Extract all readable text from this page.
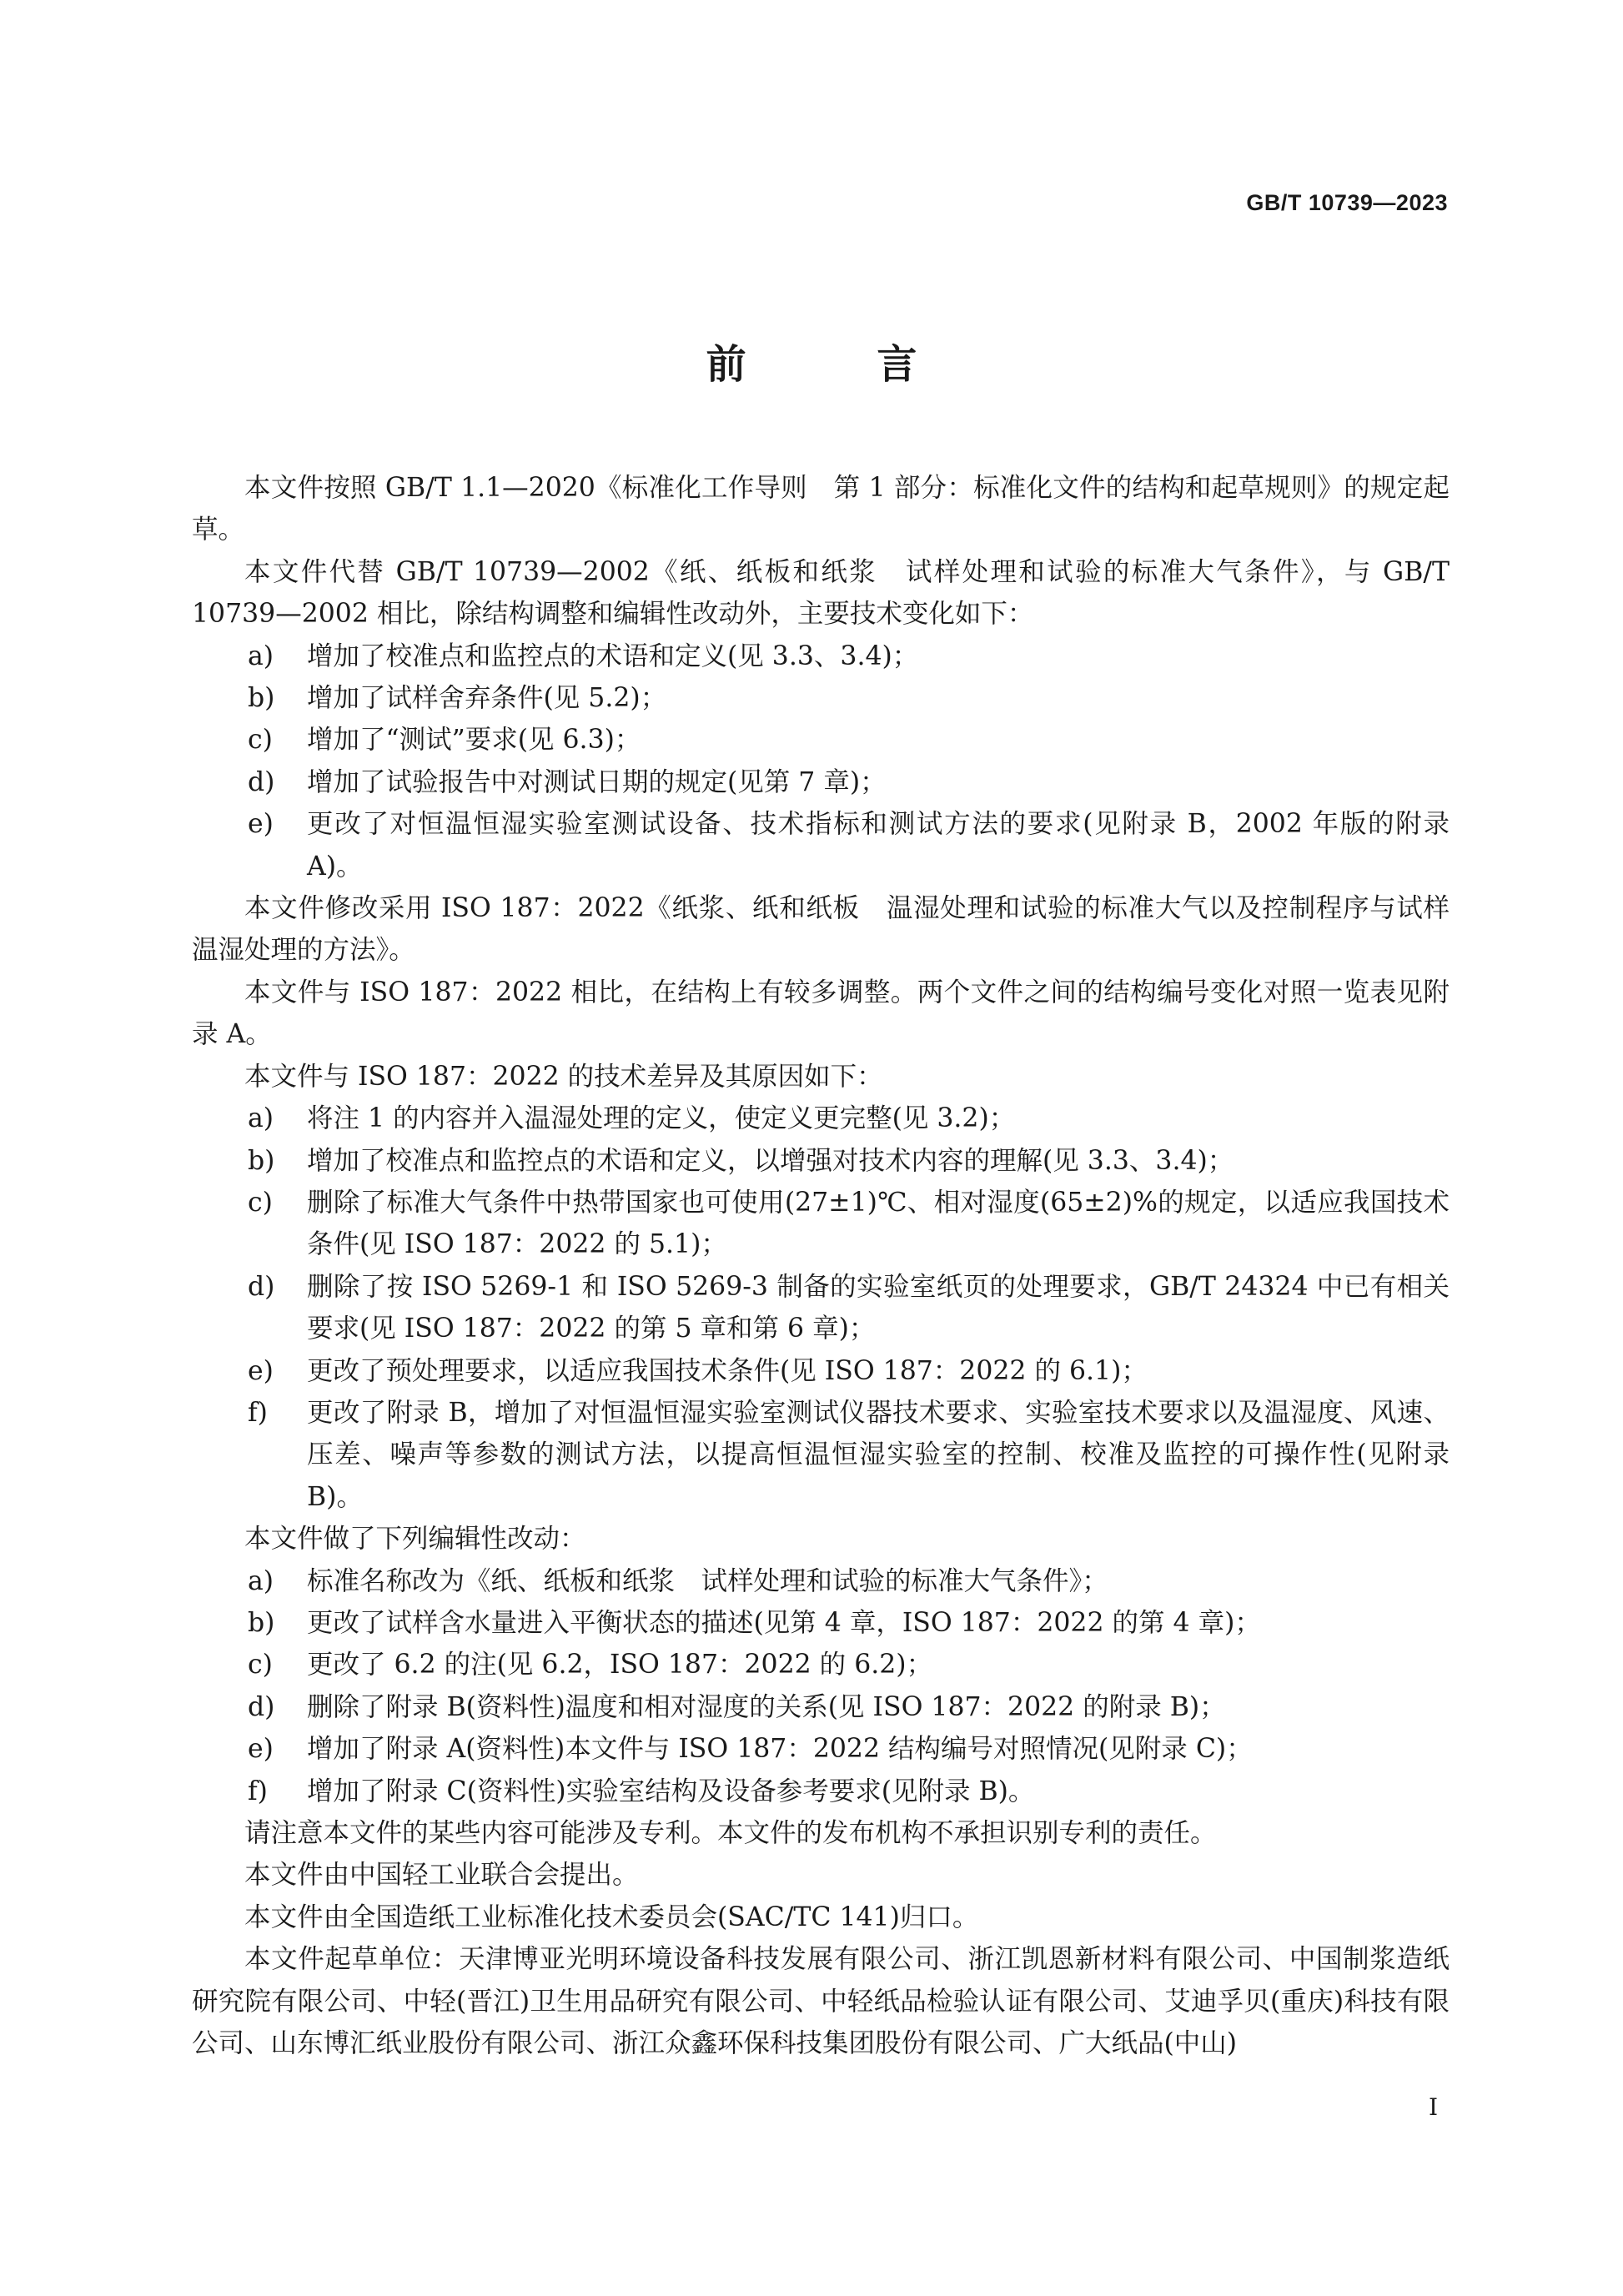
GB/T 10739—2023
前 言

本文件按照 GB/T 1.1—2020《标准化工作导则　第 1 部分：标准化文件的结构和起草规则》的规定起草。

本文件代替 GB/T 10739—2002《纸、纸板和纸浆　试样处理和试验的标准大气条件》，与 GB/T 10739—2002 相比，除结构调整和编辑性改动外，主要技术变化如下：

a) 增加了校准点和监控点的术语和定义(见 3.3、3.4)；
b) 增加了试样舍弃条件(见 5.2)；
c) 增加了“测试”要求(见 6.3)；
d) 增加了试验报告中对测试日期的规定(见第 7 章)；
e) 更改了对恒温恒湿实验室测试设备、技术指标和测试方法的要求(见附录 B，2002 年版的附录 A)。

本文件修改采用 ISO 187：2022《纸浆、纸和纸板　温湿处理和试验的标准大气以及控制程序与试样温湿处理的方法》。

本文件与 ISO 187：2022 相比，在结构上有较多调整。两个文件之间的结构编号变化对照一览表见附录 A。

本文件与 ISO 187：2022 的技术差异及其原因如下：

a) 将注 1 的内容并入温湿处理的定义，使定义更完整(见 3.2)；
b) 增加了校准点和监控点的术语和定义，以增强对技术内容的理解(见 3.3、3.4)；
c) 删除了标准大气条件中热带国家也可使用(27±1)℃、相对湿度(65±2)%的规定，以适应我国技术条件(见 ISO 187：2022 的 5.1)；
d) 删除了按 ISO 5269-1 和 ISO 5269-3 制备的实验室纸页的处理要求，GB/T 24324 中已有相关要求(见 ISO 187：2022 的第 5 章和第 6 章)；
e) 更改了预处理要求，以适应我国技术条件(见 ISO 187：2022 的 6.1)；
f) 更改了附录 B，增加了对恒温恒湿实验室测试仪器技术要求、实验室技术要求以及温湿度、风速、压差、噪声等参数的测试方法，以提高恒温恒湿实验室的控制、校准及监控的可操作性(见附录 B)。

本文件做了下列编辑性改动：

a) 标准名称改为《纸、纸板和纸浆　试样处理和试验的标准大气条件》；
b) 更改了试样含水量进入平衡状态的描述(见第 4 章，ISO 187：2022 的第 4 章)；
c) 更改了 6.2 的注(见 6.2，ISO 187：2022 的 6.2)；
d) 删除了附录 B(资料性)温度和相对湿度的关系(见 ISO 187：2022 的附录 B)；
e) 增加了附录 A(资料性)本文件与 ISO 187：2022 结构编号对照情况(见附录 C)；
f) 增加了附录 C(资料性)实验室结构及设备参考要求(见附录 B)。

请注意本文件的某些内容可能涉及专利。本文件的发布机构不承担识别专利的责任。

本文件由中国轻工业联合会提出。

本文件由全国造纸工业标准化技术委员会(SAC/TC 141)归口。

本文件起草单位：天津博亚光明环境设备科技发展有限公司、浙江凯恩新材料有限公司、中国制浆造纸研究院有限公司、中轻(晋江)卫生用品研究有限公司、中轻纸品检验认证有限公司、艾迪孚贝(重庆)科技有限公司、山东博汇纸业股份有限公司、浙江众鑫环保科技集团股份有限公司、广大纸品(中山)

I
